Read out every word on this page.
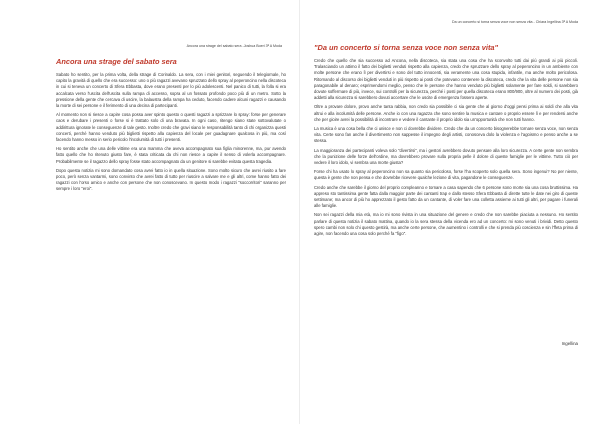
Ancora una strage del sabato sera -Joshua Boeri 3ª A Moda

Ancora una strage del sabato sera

Sabato ho sentito, per la prima volta, della strage di Corinaldo. La sera, con i miei genitori, seguendo il telegiornale, ho capito la gravità di quello che era successo: uno o più ragazzi avevano spruzzato dello spray al peperoncino nella discoteca in cui si teneva un concerto di Sfera Ebbasta, dove erano presenti per lo più adolescenti. Nel panico di tutti, la folla si era accalcata verso l'uscita dell'uscita sulla rampa di accesso, sopra al un fossato profondo poco più di un metro. Sotto la pressione della gente che cercava di uscire, la balaustra della rampa ha ceduto, facendo cadere alcuni ragazzi e causando la morte di sei persone e il ferimento di una decina di partecipanti.

Al momento non si riesce a capire cosa possa aver spinto questo o questi ragazzi a sprizzare lo spray: forse per generare caos e derubare i presenti o forse si è trattato solo di una bravata. In ogni caso, ritengo siano state sottovalutate o addirittura ignorate le conseguenze di tale gesto. Inoltre credo che gravi siano le responsabilità tanto di chi organizza questi concerti, perché hanno venduto più biglietti rispetto alla capienza del locale per guadagnare qualcosa in più, ma così facendo hanno messo in serio pericolo l'incolumità di tutti i presenti.

Ho sentito anche che una delle vittime era una mamma che aveva accompagnato sua figlia minorenne, ma, pur avendo fatto quello che ho ritenuto giusto fare, è stata criticata da chi non riesce a capire il senso di volerla accompagnare. Probabilmente se il ragazzo dello spray fosse stato accompagnato da un genitore si sarebbe evitata questa tragedia.

Dopo questa notizia mi sono domandato cosa avrei fatto io in quella situazione. Sono molto sicuro che avrei riusito a fare poco, però senza vantarmi, sono convinto che avrei fatto di tutto per riuscire a salvare me e gli altri, come hanno fatto dei ragazzi con l'orso amico e anche con persone che non conoscevano. In questo modo i ragazzi "soccorritori" saranno per sempre i loro "eroi".

Da un concerto si torna senza voce non senza vita - Chiara Ingellina 3ª A Moda

"Da un concerto si torna senza voce non senza vita"

Credo che quello che sia successo ad Ancona, nella discoteca, sia stata una cosa che ha sconvolto tutti dai più grandi ai più piccoli. Tralasciando un attimo il fatto dei biglietti venduti rispetto alla capienza, credo che spruzzare dello spray al peperoncino in un ambiente con molte persone che erano lì per divertirsi e sono del tutto innocenti, sia veramente una cosa stupida, infantile, ma anche molto pericolosa. Ritornando al discorso dei biglietti venduti in più rispetto ai posti che potevano contenere la discoteca, credo che la vita delle persone non sia paragonabile al denaro; esprimendomi meglio, penso che le persone che hanno venduto più biglietti solamente per fare soldi, si sarebbero dovute soffermare di più, invece, sui controlli per la sicurezza, perché i posti per quella discoteca erano 800/900, oltre al numero dei posti, già addetti alla sicurezza si sarebbero dovuti accertare che le uscite di emergenza fossero aperte.

Oltre a provare dolore, provo anche tanta rabbia, non credo sia possibile ci sia gente che al giorno d'oggi pensi prima ai soldi che alla vita altrui e alla incolumità delle persone. Anche io con una ragazza che sono sentire la musica e cantare o proprio essere lì e per rendersi anche che per gioire avrei la possibilità di incontrare e vedere il cantante il proprio idolo sia un'opportunità che non tutti hanno.

La musica è una cosa bella che ci unisce e non ci dovrebbe dividere. Credo che da un concerto bisognerebbe tornare senza voce, non senza vita. Certe sono fan anche il divertimento non sappesse il impegno degli artisti, conosceva dolo la violenza e l'agoismo e penso anche a se stessa.

La maggioranza dei partecipanti voleva solo "divertirsi", ma i gestori avrebbero dovuto pensare alla loro sicurezza. A certe gente non sembra che la punizione delle forze dell'ordine, ma dovrebbero provare sulla propria pelle il dolore di queste famiglie per le vittime. Tutto ciò per vedere il loro idolo, vi sembra una morte giusta?

Forse chi ha usato lo spray al peperoncino non sa quanto sia pericoloso, forse l'ha scoperto solo quella sera. Sono ingenui? No per niente, questa è gente che non pensa e che dovrebbe ricevere qualche lezione di vita, pagandone le conseguenze.

Credo anche che sarebbe il giorno del proprio compleanno e tornare a casa sapendo che 6 persone sono morte sia una cosa bruttissima. Ha appreso sto tantissima gente fatta dalla maggior parte dei cantanti trap e dallo stesso Sfera Ebbasta di dirette tutte le date nei giro di queste settimane; ma ancor di più ho apprezzato il gesto fatto da un cantante, di voler fare una colletta assieme ai tutti gli altri, per pagare i funerali alle famiglie.

Non sei ragazzi della mia età, ma io mi sono rivista in una situazione del genere e credo che non sarebbe piaciuta a nessuno. Ho sentito parlare di questa notizia il sabato mattina, quando io la sera stessa della vicenda ero ad un concerto: mi sono venuti i brividi. Detto questo spero cambi non solo chi questo gestirà, ma anche certe persone, che aumentino i controlli e che si prenda più coscienza e sin l'ffeta prima di agire, non facendo una cosa solo perché fa "figo".

Ingellina
